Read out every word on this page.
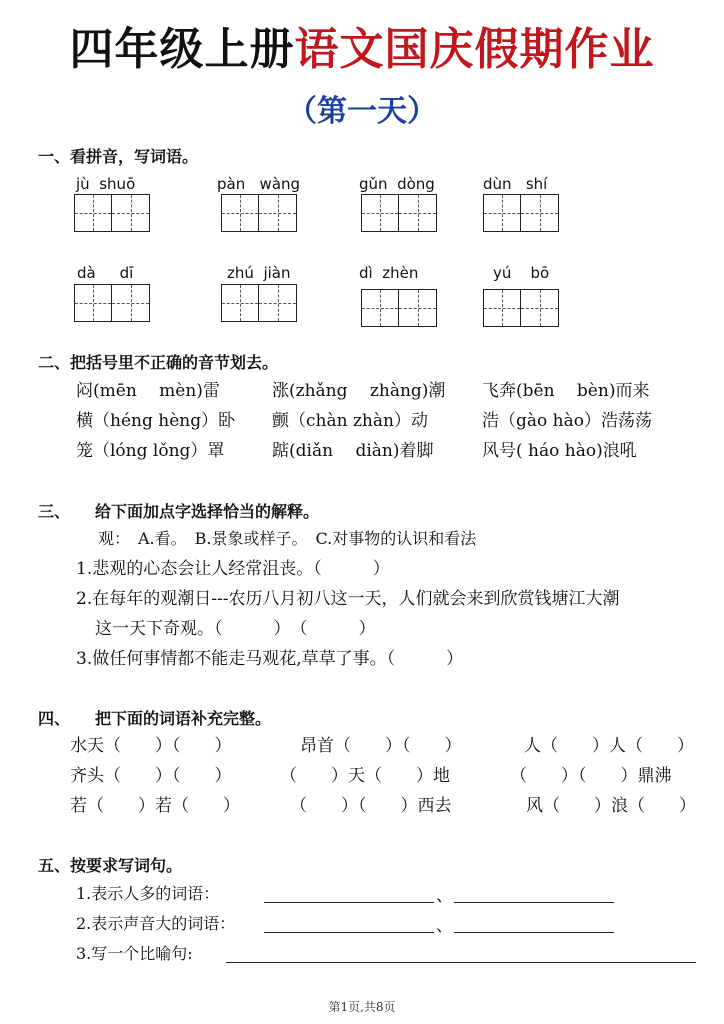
四年级上册语文国庆假期作业
（第一天）
一、看拼音，写词语。
jù shuō	pàn wàng	gǔn dòng	dùn shí
dà dī	zhú jiàn	dì zhèn	yú bō
二、把括号里不正确的音节划去。
闷(mēn　 mèn)雷	涨(zhǎng　 zhàng)潮 飞奔(bēn　 bèn)而来
横（héng hèng）卧 颤（chàn zhàn）动	浩（gào hào）浩荡荡
笼（lóng lǒng）罩	踮(diǎn　 diàn)着脚	风号( háo hào)浪吼
三、 给下面加点字选择恰当的解释。
观：　A.看。　B.景象或样子。　C.对事物的认识和看法
1.悲观的心态会让人经常沮丧。（　　　）
2.在每年的观潮日---农历八月初八这一天，人们就会来到欣赏钱塘江大潮
这一天下奇观。（　　　）　（　　　）
3.做任何事情都不能走马观花,草草了事。（　　　）
四、 把下面的词语补充完整。
水天（　　）（　　）	昂首（　　）（　　）	人（　　）人（　　）
齐头（　　）（　　）	（　　）天（　　）地	（　　）（　　）鼎沸
若（　　）若（　　）	（　　）（　　）西去	风（　　）浪（　　）
五、按要求写词句。
1.表示人多的词语：	、
2.表示声音大的词语：	、
3.写一个比喻句:
第1页,共8页
